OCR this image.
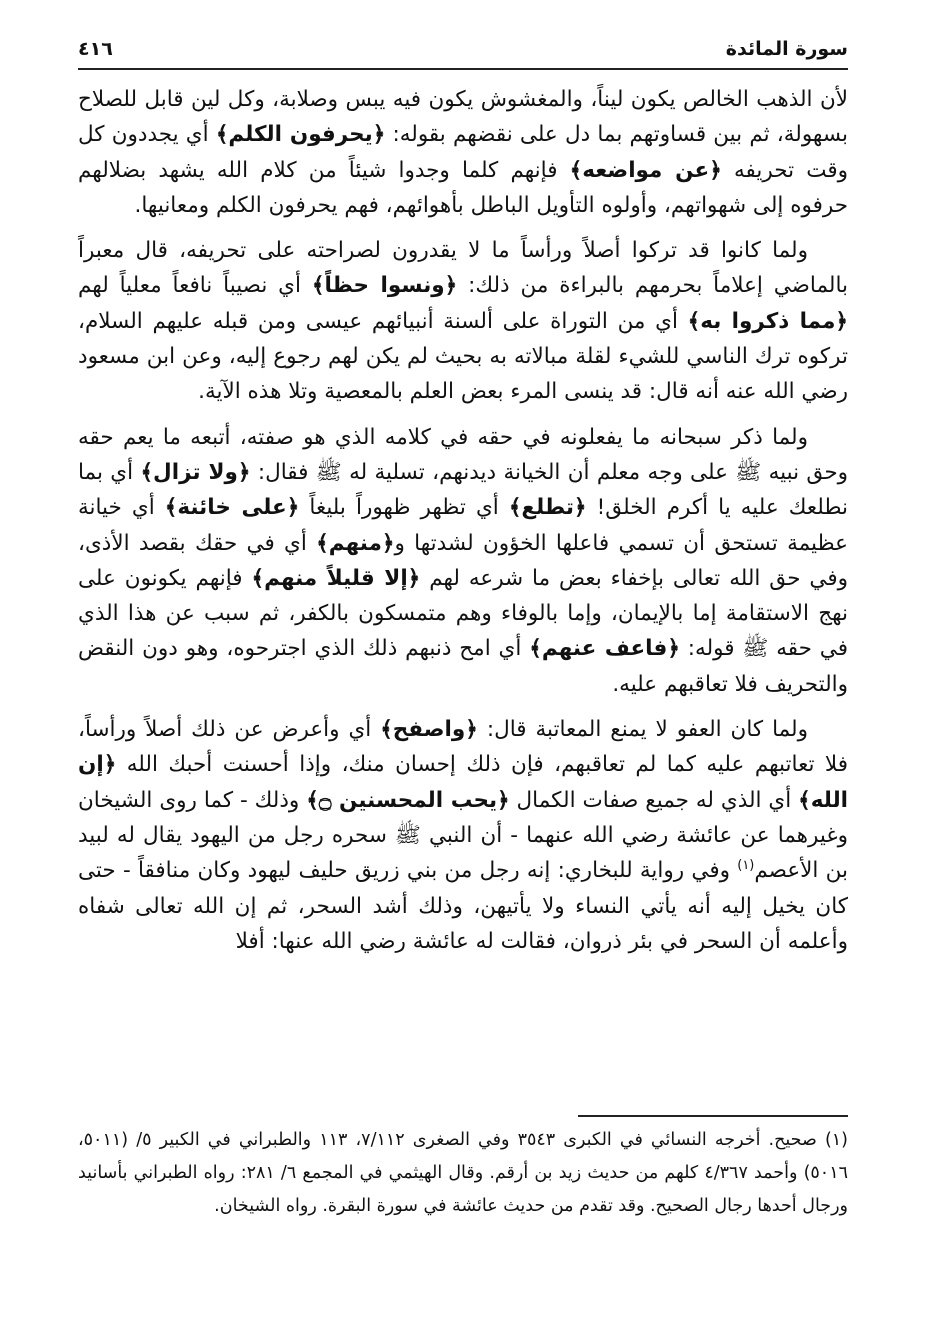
سورة المائدة
٤١٦

لأن الذهب الخالص يكون ليناً، والمغشوش يكون فيه يبس وصلابة، وكل لين قابل للصلاح بسهولة، ثم بين قساوتهم بما دل على نقضهم بقوله: ﴿يحرفون الكلم﴾ أي يجددون كل وقت تحريفه ﴿عن مواضعه﴾ فإنهم كلما وجدوا شيئاً من كلام الله يشهد بضلالهم حرفوه إلى شهواتهم، وأولوه التأويل الباطل بأهوائهم، فهم يحرفون الكلم ومعانيها.

ولما كانوا قد تركوا أصلاً ورأساً ما لا يقدرون لصراحته على تحريفه، قال معبراً بالماضي إعلاماً بحرمهم بالبراءة من ذلك: ﴿ونسوا حظاً﴾ أي نصيباً نافعاً معلياً لهم ﴿مما ذكروا به﴾ أي من التوراة على ألسنة أنبيائهم عيسى ومن قبله عليهم السلام، تركوه ترك الناسي للشيء لقلة مبالاته به بحيث لم يكن لهم رجوع إليه، وعن ابن مسعود رضي الله عنه أنه قال: قد ينسى المرء بعض العلم بالمعصية وتلا هذه الآية.

ولما ذكر سبحانه ما يفعلونه في حقه في كلامه الذي هو صفته، أتبعه ما يعم حقه وحق نبيه ﷺ على وجه معلم أن الخيانة ديدنهم، تسلية له ﷺ فقال: ﴿ولا تزال﴾ أي بما نطلعك عليه يا أكرم الخلق! ﴿تطلع﴾ أي تظهر ظهوراً بليغاً ﴿على خائنة﴾ أي خيانة عظيمة تستحق أن تسمي فاعلها الخؤون لشدتها و﴿منهم﴾ أي في حقك بقصد الأذى، وفي حق الله تعالى بإخفاء بعض ما شرعه لهم ﴿إلا قليلاً منهم﴾ فإنهم يكونون على نهج الاستقامة إما بالإيمان، وإما بالوفاء وهم متمسكون بالكفر، ثم سبب عن هذا الذي في حقه ﷺ قوله: ﴿فاعف عنهم﴾ أي امح ذنبهم ذلك الذي اجترحوه، وهو دون النقض والتحريف فلا تعاقبهم عليه.

ولما كان العفو لا يمنع المعاتبة قال: ﴿واصفح﴾ أي وأعرض عن ذلك أصلاً ورأساً، فلا تعاتبهم عليه كما لم تعاقبهم، فإن ذلك إحسان منك، وإذا أحسنت أحبك الله ﴿إن الله﴾ أي الذي له جميع صفات الكمال ﴿يحب المحسنين ۝﴾ وذلك - كما روى الشيخان وغيرهما عن عائشة رضي الله عنهما - أن النبي ﷺ سحره رجل من اليهود يقال له لبيد بن الأعصم$^{(١)}$ وفي رواية للبخاري: إنه رجل من بني زريق حليف ليهود وكان منافقاً - حتى كان يخيل إليه أنه يأتي النساء ولا يأتيهن، وذلك أشد السحر، ثم إن الله تعالى شفاه وأعلمه أن السحر في بئر ذروان، فقالت له عائشة رضي الله عنها: أفلا

(١) صحيح. أخرجه النسائي في الكبرى ٣٥٤٣ وفي الصغرى ٧/١١٢، ١١٣ والطبراني في الكبير ٥/ (٥٠١١، ٥٠١٦) وأحمد ٤/٣٦٧ كلهم من حديث زيد بن أرقم. وقال الهيثمي في المجمع ٦/ ٢٨١: رواه الطبراني بأسانيد ورجال أحدها رجال الصحيح. وقد تقدم من حديث عائشة في سورة البقرة. رواه الشيخان.
